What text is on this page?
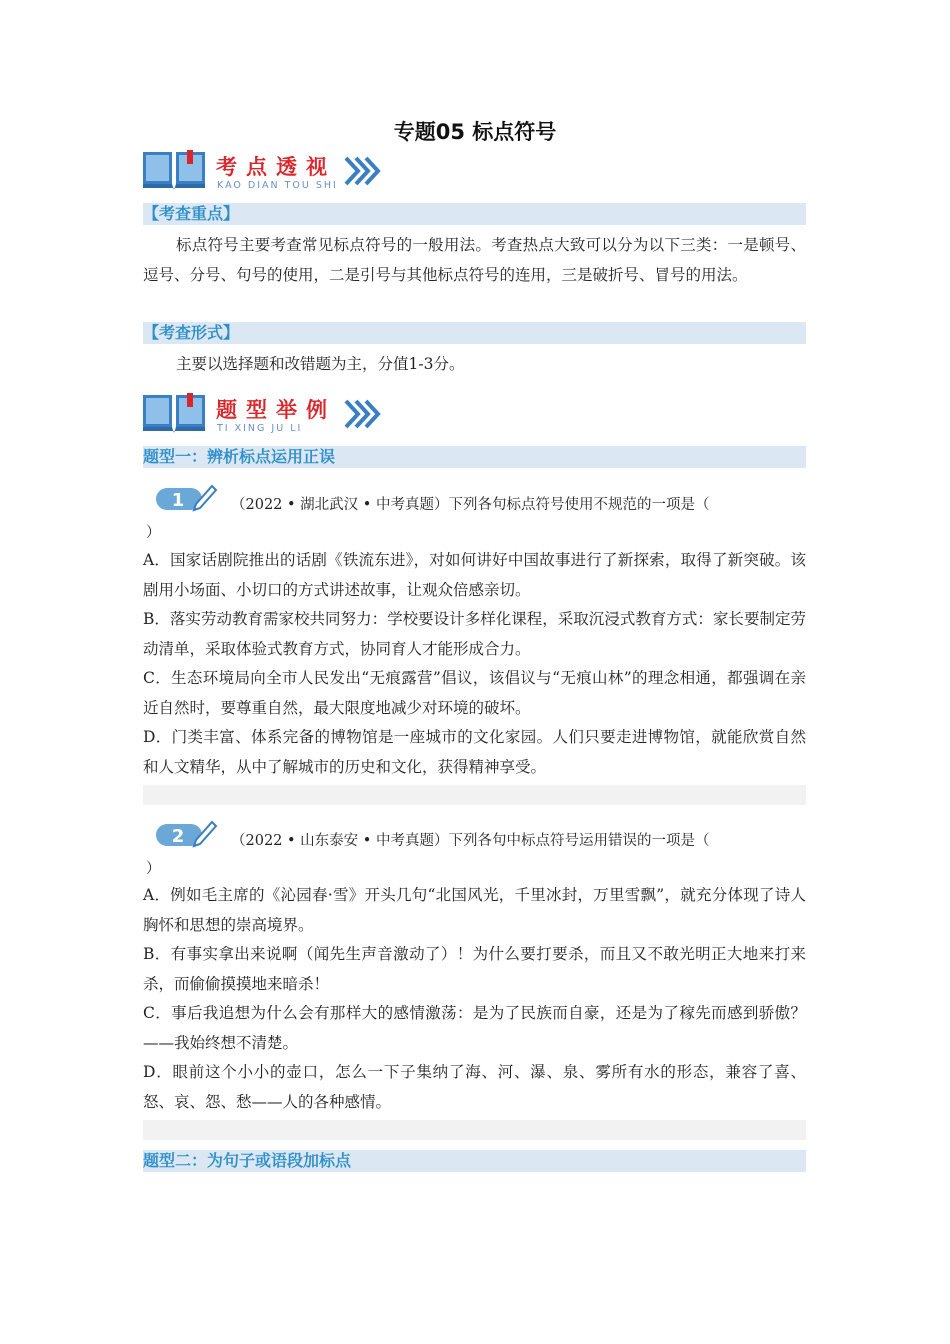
专题05 标点符号
考点透视
KAO DIAN TOU SHI
【考查重点】
标点符号主要考查常见标点符号的一般用法。考查热点大致可以分为以下三类：一是顿号、逗号、分号、句号的使用，二是引号与其他标点符号的连用，三是破折号、冒号的用法。
【考查形式】
主要以选择题和改错题为主，分值1-3分。
题型举例
TI XING JU LI
题型一：辨析标点运用正误
1	（2022 • 湖北武汉 • 中考真题）下列各句标点符号使用不规范的一项是（
）
A．国家话剧院推出的话剧《铁流东进》，对如何讲好中国故事进行了新探索，取得了新突破。该剧用小场面、小切口的方式讲述故事，让观众倍感亲切。
B．落实劳动教育需家校共同努力：学校要设计多样化课程，采取沉浸式教育方式：家长要制定劳动清单，采取体验式教育方式，协同育人才能形成合力。
C．生态环境局向全市人民发出“无痕露营”倡议，该倡议与“无痕山林”的理念相通，都强调在亲近自然时，要尊重自然，最大限度地减少对环境的破坏。
D．门类丰富、体系完备的博物馆是一座城市的文化家园。人们只要走进博物馆，就能欣赏自然和人文精华，从中了解城市的历史和文化，获得精神享受。
2	（2022 • 山东泰安 • 中考真题）下列各句中标点符号运用错误的一项是（
）
A．例如毛主席的《沁园春·雪》开头几句“北国风光，千里冰封，万里雪飘”，就充分体现了诗人胸怀和思想的崇高境界。
B．有事实拿出来说啊（闻先生声音激动了）！为什么要打要杀，而且又不敢光明正大地来打来杀，而偷偷摸摸地来暗杀！
C．事后我追想为什么会有那样大的感情激荡：是为了民族而自豪，还是为了稼先而感到骄傲？——我始终想不清楚。
D．眼前这个小小的壶口，怎么一下子集纳了海、河、瀑、泉、雾所有水的形态，兼容了喜、怒、哀、怨、愁——人的各种感情。
题型二：为句子或语段加标点
